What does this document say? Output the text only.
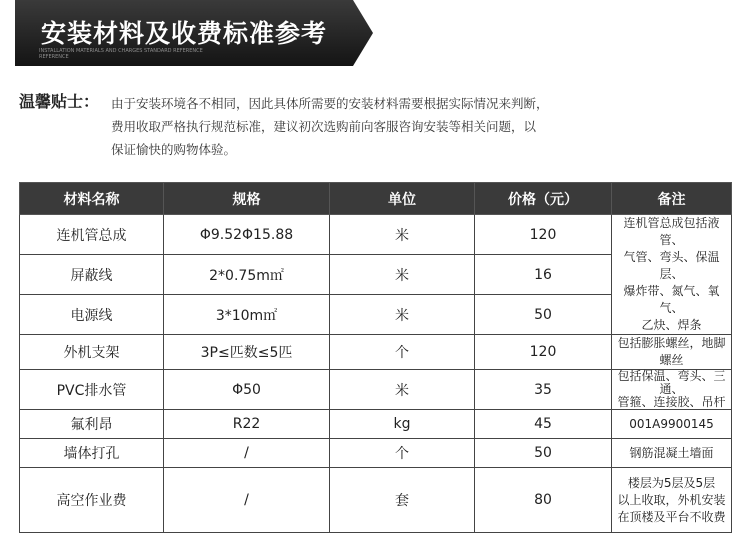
安装材料及收费标准参考
INSTALLATION MATERIALS AND CHARGES STANDARD REFERENCE
REFERENCE
温馨贴士： 由于安装环境各不相同，因此具体所需要的安装材料需要根据实际情况来判断，
费用收取严格执行规范标准，建议初次选购前向客服咨询安装等相关问题，以
保证愉快的购物体验。
材料名称	规格	单位	价格（元）	备注
连机管总成	Φ9.52Φ15.88	米	120	连机管总成包括液管、
气管、弯头、保温层、
爆炸带、氮气、氧气、
乙炔、焊条

屏蔽线	2*0.75m㎡	米	16	
电源线	3*10m㎡	米	50	
外机支架	3P≤匹数≤5匹	个	120	包括膨胀螺丝，地脚螺丝
PVC排水管	Φ50	米	35	包括保温、弯头、三通、
管箍、连接胶、吊杆

氟利昂	R22	kg	45	001A9900145
墙体打孔	/	个	50	钢筋混凝土墙面
高空作业费	/	套	80	楼层为5层及5层
以上收取，外机安装
在顶楼及平台不收费
